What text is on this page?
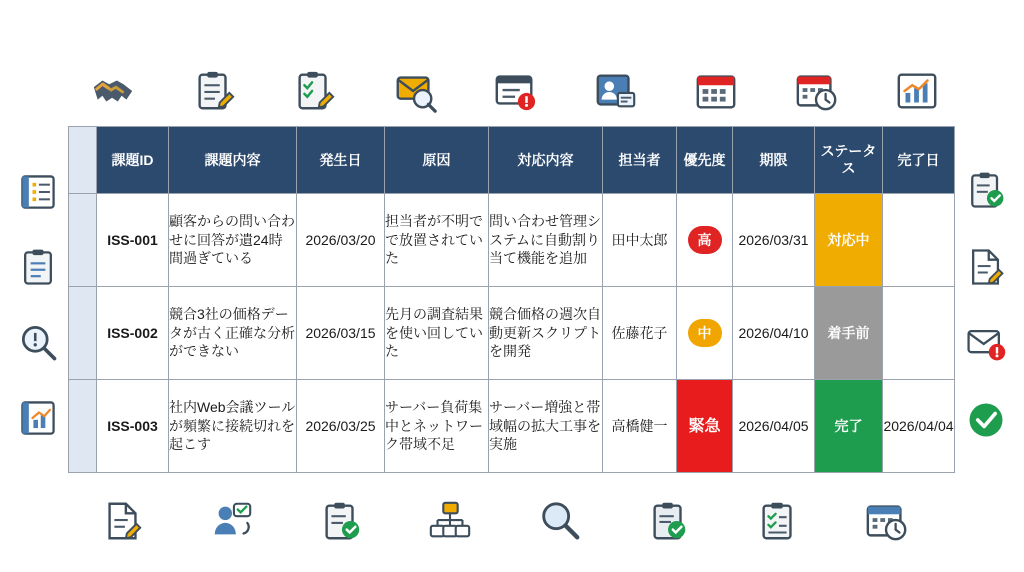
	課題ID	課題内容	発生日	原因	対応内容	担当者	優先度	期限	ステータス	完了日
	ISS-001	顧客からの問い合わせに回答が遺24時間過ぎている	2026/03/20	担当者が不明でで放置されていた	問い合わせ管理システムに自動割り当て機能を追加	田中太郎	高	2026/03/31	対応中	
	ISS-002	競合3社の価格データが古く正確な分析ができない	2026/03/15	先月の調査結果を使い回していた	競合価格の週次自動更新スクリプトを開発	佐藤花子	中	2026/04/10	着手前	
	ISS-003	社内Web会議ツールが頻繁に接続切れを起こす	2026/03/25	サーバー負荷集中とネットワーク帯域不足	サーバー増強と帯域幅の拡大工事を実施	高橋健一	緊急	2026/04/05	完了	2026/04/04
